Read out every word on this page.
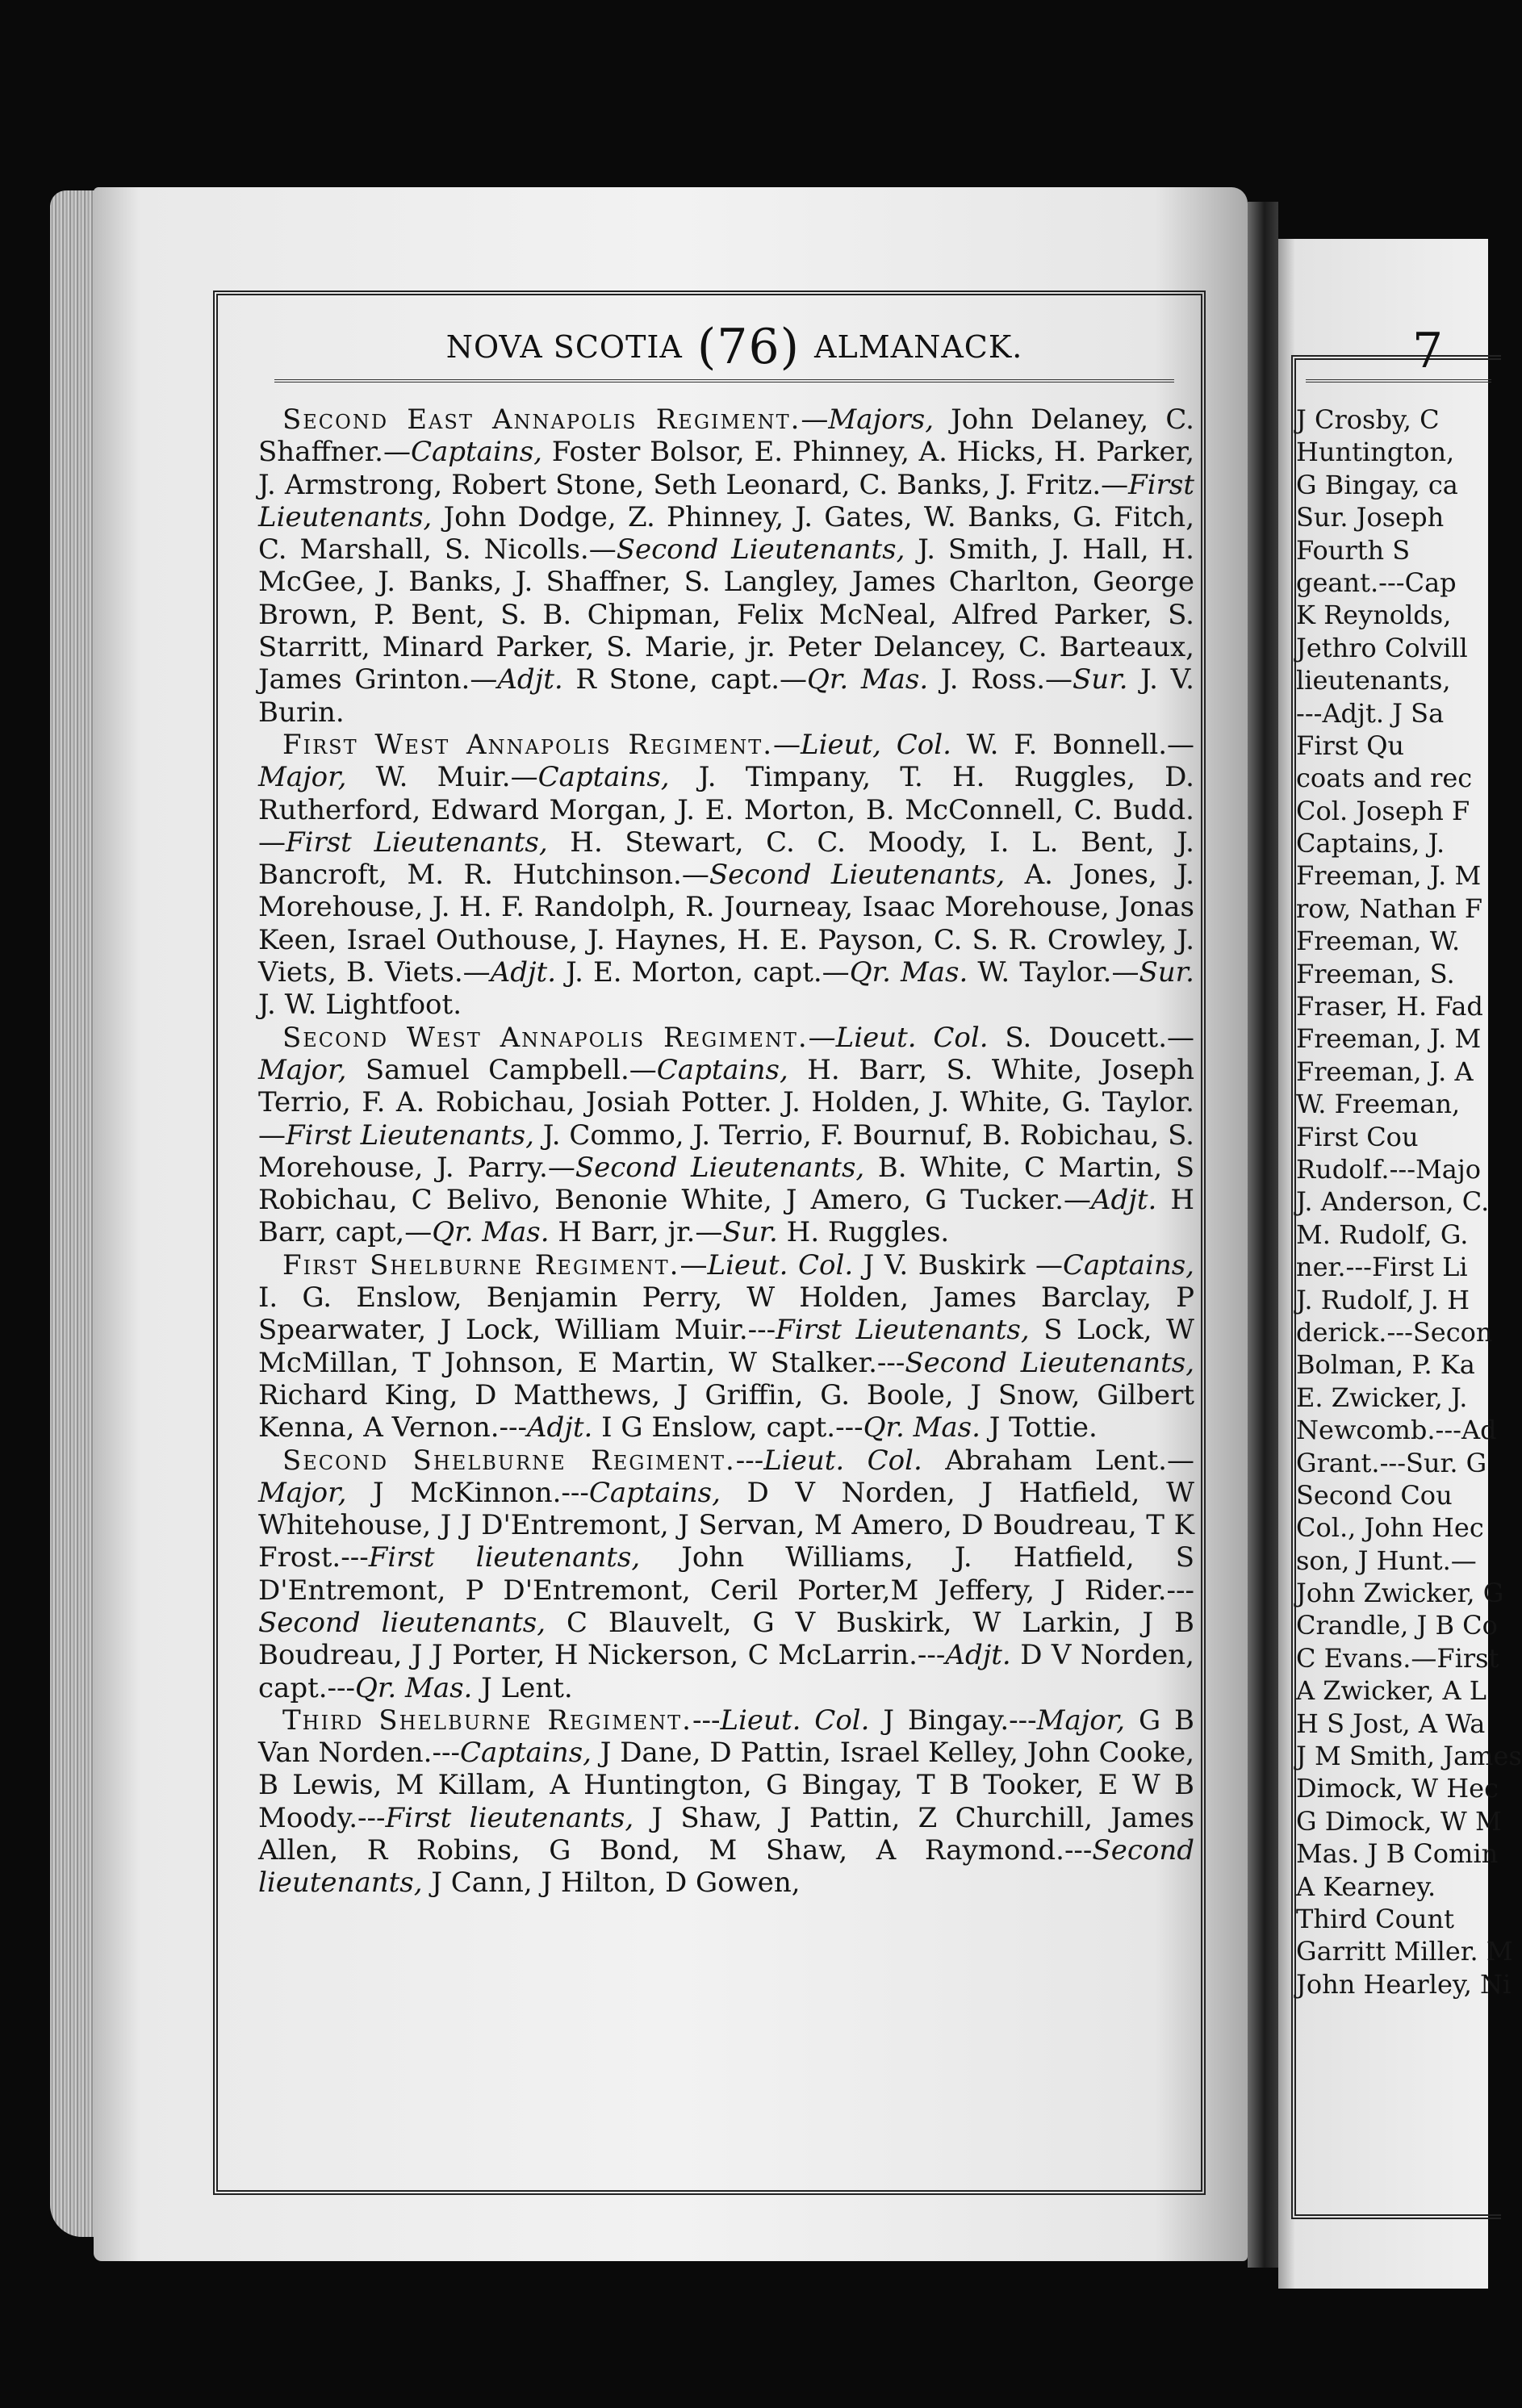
NOVA SCOTIA (76) ALMANACK.

Second East Annapolis Regiment.—Majors, John Delaney, C. Shaffner.—Captains, Foster Bolsor, E. Phinney, A. Hicks, H. Parker, J. Armstrong, Robert Stone, Seth Leonard, C. Banks, J. Fritz.—First Lieutenants, John Dodge, Z. Phinney, J. Gates, W. Banks, G. Fitch, C. Marshall, S. Nicolls.—Second Lieutenants, J. Smith, J. Hall, H. McGee, J. Banks, J. Shaffner, S. Langley, James Charlton, George Brown, P. Bent, S. B. Chipman, Felix McNeal, Alfred Parker, S. Starritt, Minard Parker, S. Marie, jr. Peter Delancey, C. Barteaux, James Grinton.—Adjt. R Stone, capt.—Qr. Mas. J. Ross.—Sur. J. V. Burin.

First West Annapolis Regiment.—Lieut, Col. W. F. Bonnell.—Major, W. Muir.—Captains, J. Timpany, T. H. Ruggles, D. Rutherford, Edward Morgan, J. E. Morton, B. McConnell, C. Budd.—First Lieutenants, H. Stewart, C. C. Moody, I. L. Bent, J. Bancroft, M. R. Hutchinson.—Second Lieutenants, A. Jones, J. Morehouse, J. H. F. Randolph, R. Journeay, Isaac Morehouse, Jonas Keen, Israel Outhouse, J. Haynes, H. E. Payson, C. S. R. Crowley, J. Viets, B. Viets.—Adjt. J. E. Morton, capt.—Qr. Mas. W. Taylor.—Sur. J. W. Lightfoot.

Second West Annapolis Regiment.—Lieut. Col. S. Doucett.—Major, Samuel Campbell.—Captains, H. Barr, S. White, Joseph Terrio, F. A. Robichau, Josiah Potter. J. Holden, J. White, G. Taylor.—First Lieutenants, J. Commo, J. Terrio, F. Bournuf, B. Robichau, S. Morehouse, J. Parry.—Second Lieutenants, B. White, C Martin, S Robichau, C Belivo, Benonie White, J Amero, G Tucker.—Adjt. H Barr, capt,—Qr. Mas. H Barr, jr.—Sur. H. Ruggles.

First Shelburne Regiment.—Lieut. Col. J V. Buskirk —Captains, I. G. Enslow, Benjamin Perry, W Holden, James Barclay, P Spearwater, J Lock, William Muir.---First Lieutenants, S Lock, W McMillan, T Johnson, E Martin, W Stalker.---Second Lieutenants, Richard King, D Matthews, J Griffin, G. Boole, J Snow, Gilbert Kenna, A Vernon.---Adjt. I G Enslow, capt.---Qr. Mas. J Tottie.

Second Shelburne Regiment.---Lieut. Col. Abraham Lent.—Major, J McKinnon.---Captains, D V Norden, J Hatfield, W Whitehouse, J J D'Entremont, J Servan, M Amero, D Boudreau, T K Frost.---First lieutenants, John Williams, J. Hatfield, S D'Entremont, P D'Entremont, Ceril Porter,M Jeffery, J Rider.---Second lieutenants, C Blauvelt, G V Buskirk, W Larkin, J B Boudreau, J J Porter, H Nickerson, C McLarrin.---Adjt. D V Norden, capt.---Qr. Mas. J Lent.

Third Shelburne Regiment.---Lieut. Col. J Bingay.---Major, G B Van Norden.---Captains, J Dane, D Pattin, Israel Kelley, John Cooke, B Lewis, M Killam, A Huntington, G Bingay, T B Tooker, E W B Moody.---First lieutenants, J Shaw, J Pattin, Z Churchill, James Allen, R Robins, G Bond, M Shaw, A Raymond.---Second lieutenants, J Cann, J Hilton, D Gowen,

7
J Crosby, C
Huntington,
G Bingay, ca
Sur. Joseph
Fourth S
geant.---Cap
K Reynolds,
Jethro Colvill
lieutenants,
---Adjt. J Sa
First Qu
coats and rec
Col. Joseph F
Captains, J.
Freeman, J. M
row, Nathan F
Freeman, W.
Freeman, S.
Fraser, H. Fad
Freeman, J. M
Freeman, J. A
W. Freeman,
First Cou
Rudolf.---Majo
J. Anderson, C.
M. Rudolf, G.
ner.---First Li
J. Rudolf, J. H
derick.---Secon
Bolman, P. Ka
E. Zwicker, J.
Newcomb.---Ad
Grant.---Sur. G
Second Cou
Col., John Hec
son, J Hunt.—
John Zwicker, G
Crandle, J B Co
C Evans.—First
A Zwicker, A L
H S Jost, A Wa
J M Smith, James
Dimock, W Hec
G Dimock, W M
Mas. J B Comin
A Kearney.
Third Count
Garritt Miller. M
John Hearley, Ni
